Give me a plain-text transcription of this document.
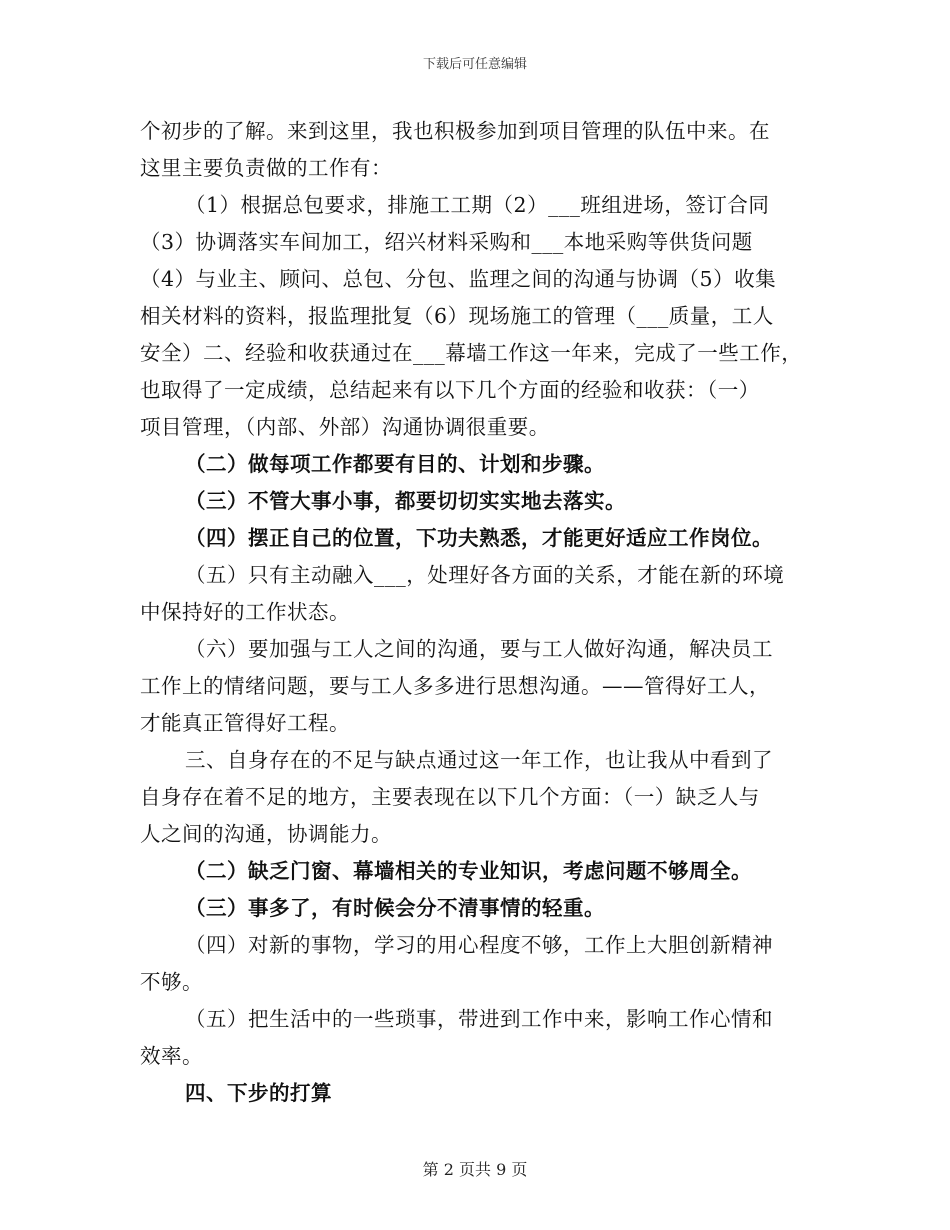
下载后可任意编辑
个初步的了解。来到这里，我也积极参加到项目管理的队伍中来。在
这里主要负责做的工作有：
（1）根据总包要求，排施工工期（2）___班组进场，签订合同
（3）协调落实车间加工，绍兴材料采购和___本地采购等供货问题
（4）与业主、顾问、总包、分包、监理之间的沟通与协调（5）收集
相关材料的资料，报监理批复（6）现场施工的管理（___质量，工人
安全）二、经验和收获通过在___幕墙工作这一年来，完成了一些工作，
也取得了一定成绩，总结起来有以下几个方面的经验和收获：（一）
项目管理，（内部、外部）沟通协调很重要。
（二）做每项工作都要有目的、计划和步骤。
（三）不管大事小事，都要切切实实地去落实。
（四）摆正自己的位置，下功夫熟悉，才能更好适应工作岗位。
（五）只有主动融入___，处理好各方面的关系，才能在新的环境
中保持好的工作状态。
（六）要加强与工人之间的沟通，要与工人做好沟通，解决员工
工作上的情绪问题，要与工人多多进行思想沟通。——管得好工人，
才能真正管得好工程。
三、自身存在的不足与缺点通过这一年工作，也让我从中看到了
自身存在着不足的地方，主要表现在以下几个方面：（一）缺乏人与
人之间的沟通，协调能力。
（二）缺乏门窗、幕墙相关的专业知识，考虑问题不够周全。
（三）事多了，有时候会分不清事情的轻重。
（四）对新的事物，学习的用心程度不够，工作上大胆创新精神
不够。
（五）把生活中的一些琐事，带进到工作中来，影响工作心情和
效率。
四、下步的打算
第 2 页共 9 页
